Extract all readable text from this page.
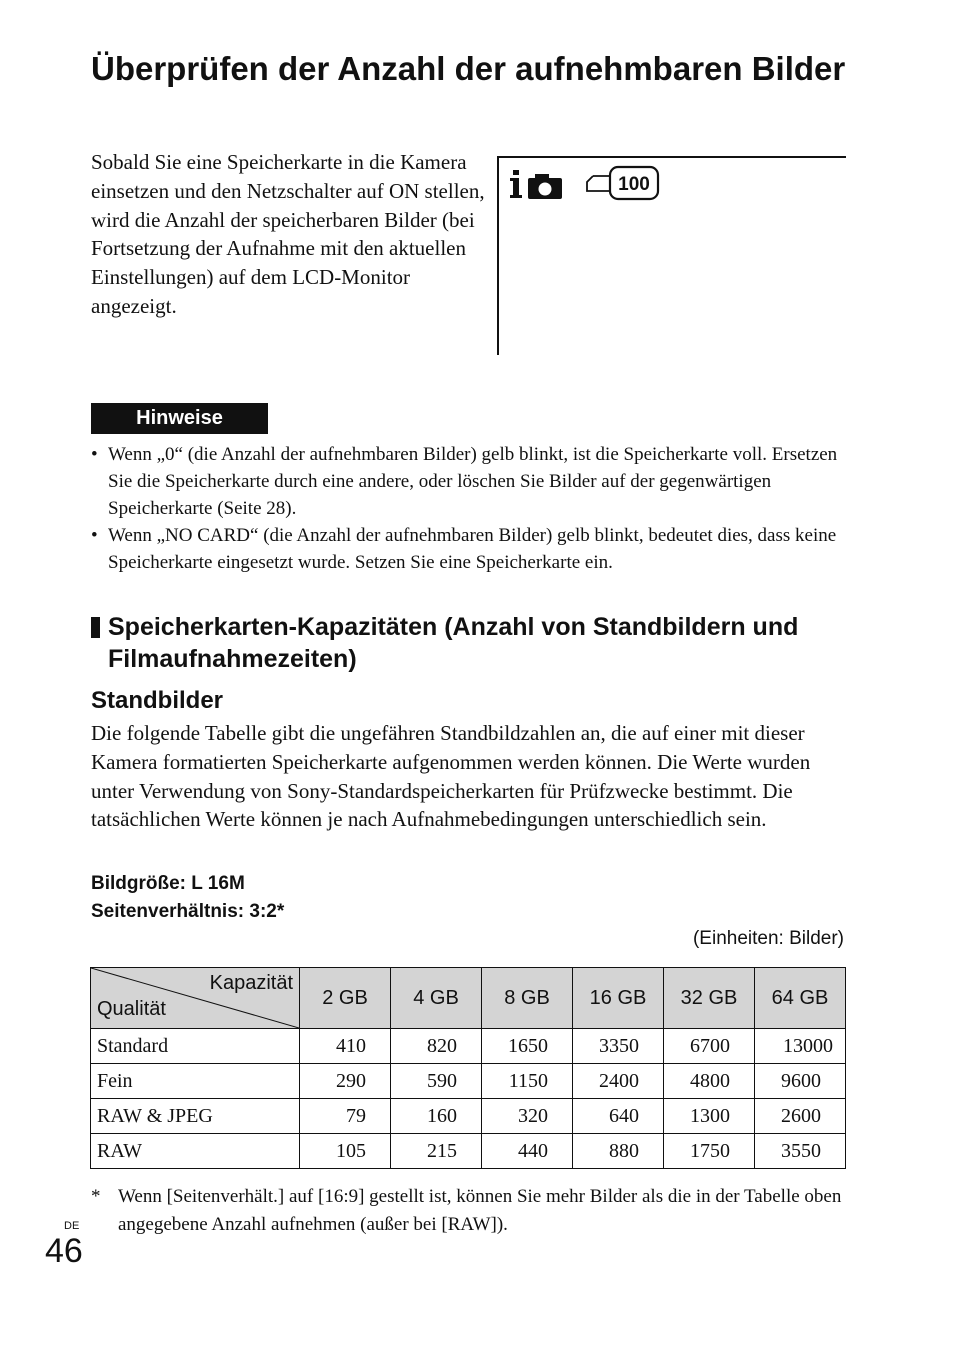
Überprüfen der Anzahl der aufnehmbaren Bilder
Sobald Sie eine Speicherkarte in die Kamera einsetzen und den Netzschalter auf ON stellen, wird die Anzahl der speicherbaren Bilder (bei Fortsetzung der Aufnahme mit den aktuellen Einstellungen) auf dem LCD-Monitor angezeigt.
100
Hinweise
• Wenn „0“ (die Anzahl der aufnehmbaren Bilder) gelb blinkt, ist die Speicherkarte voll. Ersetzen Sie die Speicherkarte durch eine andere, oder löschen Sie Bilder auf der gegenwärtigen Speicherkarte (Seite 28).
• Wenn „NO CARD“ (die Anzahl der aufnehmbaren Bilder) gelb blinkt, bedeutet dies, dass keine Speicherkarte eingesetzt wurde. Setzen Sie eine Speicherkarte ein.
Speicherkarten-Kapazitäten (Anzahl von Standbildern und Filmaufnahmezeiten)
Standbilder
Die folgende Tabelle gibt die ungefähren Standbildzahlen an, die auf einer mit dieser Kamera formatierten Speicherkarte aufgenommen werden können. Die Werte wurden unter Verwendung von Sony-Standardspeicherkarten für Prüfzwecke bestimmt. Die tatsächlichen Werte können je nach Aufnahmebedingungen unterschiedlich sein.
Bildgröße: L 16M
Seitenverhältnis: 3:2*
(Einheiten: Bilder)
Kapazität
Qualität	2 GB	4 GB	8 GB	16 GB	32 GB	64 GB
Standard	410	820	1650	3350	6700	13000
Fein	290	590	1150	2400	4800	9600
RAW & JPEG	79	160	320	640	1300	2600
RAW	105	215	440	880	1750	3550
* Wenn [Seitenverhält.] auf [16:9] gestellt ist, können Sie mehr Bilder als die in der Tabelle oben angegebene Anzahl aufnehmen (außer bei [RAW]).
DE
46
